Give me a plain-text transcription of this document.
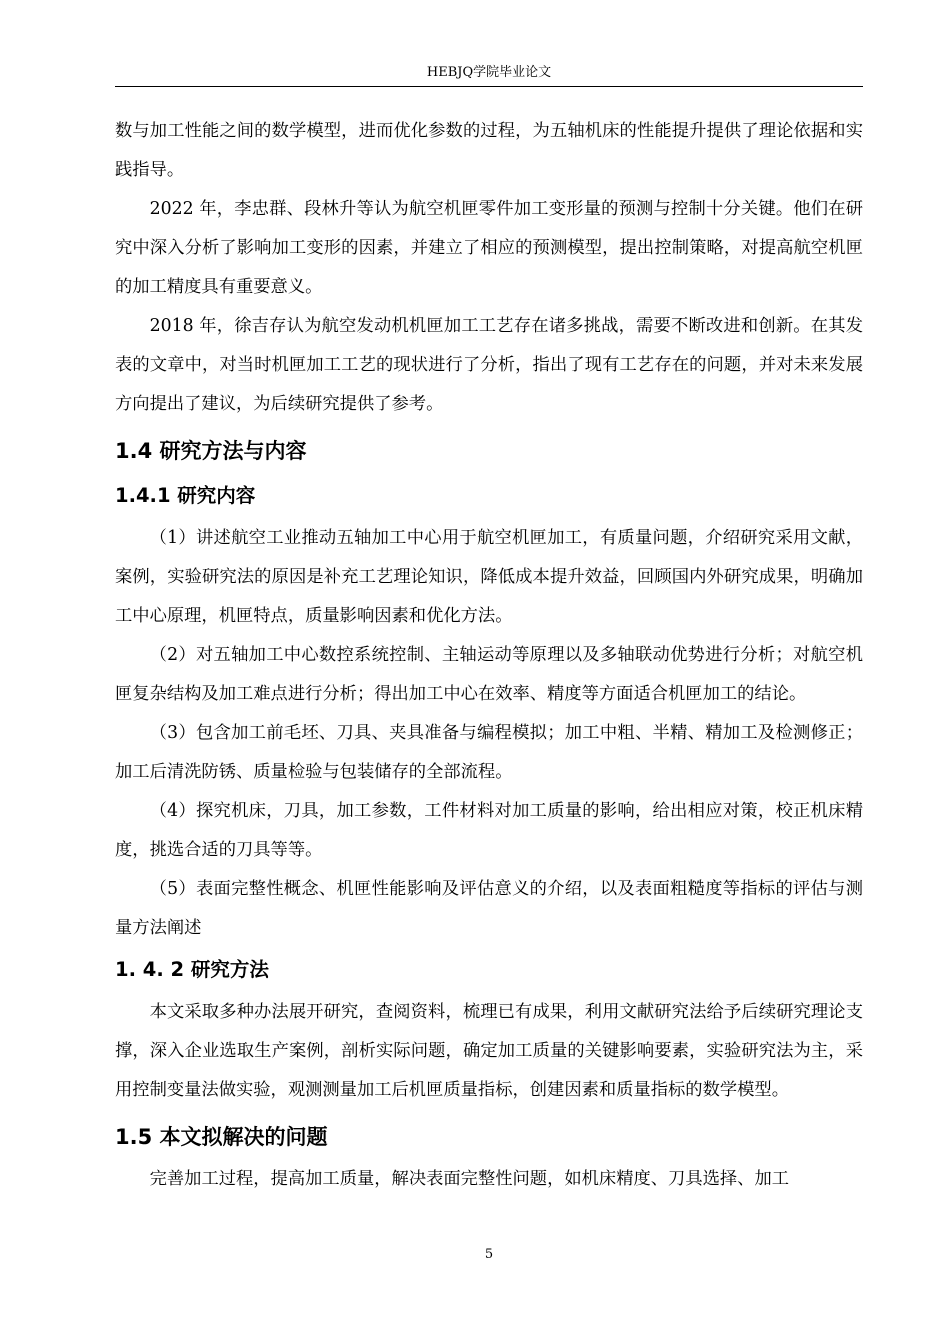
HEBJQ学院毕业论文

数与加工性能之间的数学模型，进而优化参数的过程，为五轴机床的性能提升提供了理论依据和实践指导。

2022 年，李忠群、段林升等认为航空机匣零件加工变形量的预测与控制十分关键。他们在研究中深入分析了影响加工变形的因素，并建立了相应的预测模型，提出控制策略，对提高航空机匣的加工精度具有重要意义。

2018 年，徐吉存认为航空发动机机匣加工工艺存在诸多挑战，需要不断改进和创新。在其发表的文章中，对当时机匣加工工艺的现状进行了分析，指出了现有工艺存在的问题，并对未来发展方向提出了建议，为后续研究提供了参考。

1.4 研究方法与内容
1.4.1 研究内容

（1）讲述航空工业推动五轴加工中心用于航空机匣加工，有质量问题，介绍研究采用文献，案例，实验研究法的原因是补充工艺理论知识，降低成本提升效益，回顾国内外研究成果，明确加工中心原理，机匣特点，质量影响因素和优化方法。

（2）对五轴加工中心数控系统控制、主轴运动等原理以及多轴联动优势进行分析；对航空机匣复杂结构及加工难点进行分析；得出加工中心在效率、精度等方面适合机匣加工的结论。

（3）包含加工前毛坯、刀具、夹具准备与编程模拟；加工中粗、半精、精加工及检测修正；加工后清洗防锈、质量检验与包装储存的全部流程。

（4）探究机床，刀具，加工参数，工件材料对加工质量的影响，给出相应对策，校正机床精度，挑选合适的刀具等等。

（5）表面完整性概念、机匣性能影响及评估意义的介绍，以及表面粗糙度等指标的评估与测量方法阐述

1. 4. 2 研究方法

本文采取多种办法展开研究，查阅资料，梳理已有成果，利用文献研究法给予后续研究理论支撑，深入企业选取生产案例，剖析实际问题，确定加工质量的关键影响要素，实验研究法为主，采用控制变量法做实验，观测测量加工后机匣质量指标，创建因素和质量指标的数学模型。

1.5 本文拟解决的问题

完善加工过程，提高加工质量，解决表面完整性问题，如机床精度、刀具选择、加工

5
